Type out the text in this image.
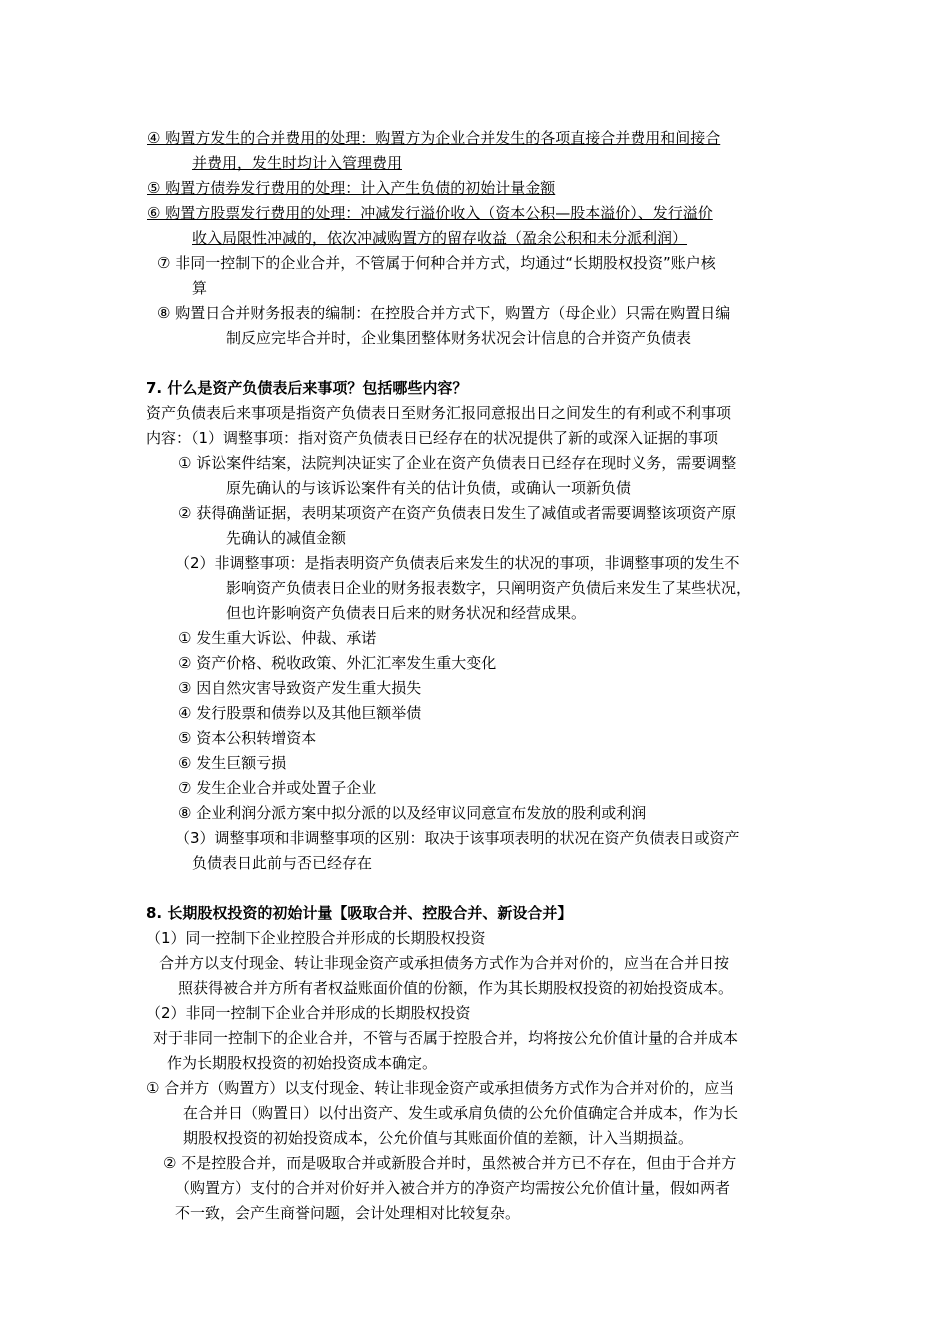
④ 购置方发生的合并费用的处理：购置方为企业合并发生的各项直接合并费用和间接合
并费用，发生时均计入管理费用
⑤ 购置方债券发行费用的处理：计入产生负债的初始计量金额
⑥ 购置方股票发行费用的处理：冲减发行溢价收入（资本公积—股本溢价）、发行溢价
收入局限性冲减的，依次冲减购置方的留存收益（盈余公积和未分派利润）
⑦ 非同一控制下的企业合并，不管属于何种合并方式，均通过“长期股权投资”账户核
算
⑧ 购置日合并财务报表的编制：在控股合并方式下，购置方（母企业）只需在购置日编
制反应完毕合并时，企业集团整体财务状况会计信息的合并资产负债表
7. 什么是资产负债表后来事项？包括哪些内容？
资产负债表后来事项是指资产负债表日至财务汇报同意报出日之间发生的有利或不利事项
内容：（1）调整事项：指对资产负债表日已经存在的状况提供了新的或深入证据的事项
① 诉讼案件结案，法院判决证实了企业在资产负债表日已经存在现时义务，需要调整
原先确认的与该诉讼案件有关的估计负债，或确认一项新负债
② 获得确凿证据，表明某项资产在资产负债表日发生了减值或者需要调整该项资产原
先确认的减值金额
（2）非调整事项：是指表明资产负债表后来发生的状况的事项，非调整事项的发生不
影响资产负债表日企业的财务报表数字，只阐明资产负债后来发生了某些状况，
但也许影响资产负债表日后来的财务状况和经营成果。
① 发生重大诉讼、仲裁、承诺
② 资产价格、税收政策、外汇汇率发生重大变化
③ 因自然灾害导致资产发生重大损失
④ 发行股票和债券以及其他巨额举债
⑤ 资本公积转增资本
⑥ 发生巨额亏损
⑦ 发生企业合并或处置子企业
⑧ 企业利润分派方案中拟分派的以及经审议同意宣布发放的股利或利润
（3）调整事项和非调整事项的区别：取决于该事项表明的状况在资产负债表日或资产
负债表日此前与否已经存在
8. 长期股权投资的初始计量【吸取合并、控股合并、新设合并】
（1）同一控制下企业控股合并形成的长期股权投资
合并方以支付现金、转让非现金资产或承担债务方式作为合并对价的，应当在合并日按
照获得被合并方所有者权益账面价值的份额，作为其长期股权投资的初始投资成本。
（2）非同一控制下企业合并形成的长期股权投资
对于非同一控制下的企业合并，不管与否属于控股合并，均将按公允价值计量的合并成本
作为长期股权投资的初始投资成本确定。
① 合并方（购置方）以支付现金、转让非现金资产或承担债务方式作为合并对价的，应当
在合并日（购置日）以付出资产、发生或承肩负债的公允价值确定合并成本，作为长
期股权投资的初始投资成本，公允价值与其账面价值的差额，计入当期损益。
② 不是控股合并，而是吸取合并或新股合并时，虽然被合并方已不存在，但由于合并方
（购置方）支付的合并对价好并入被合并方的净资产均需按公允价值计量，假如两者
不一致，会产生商誉问题，会计处理相对比较复杂。
